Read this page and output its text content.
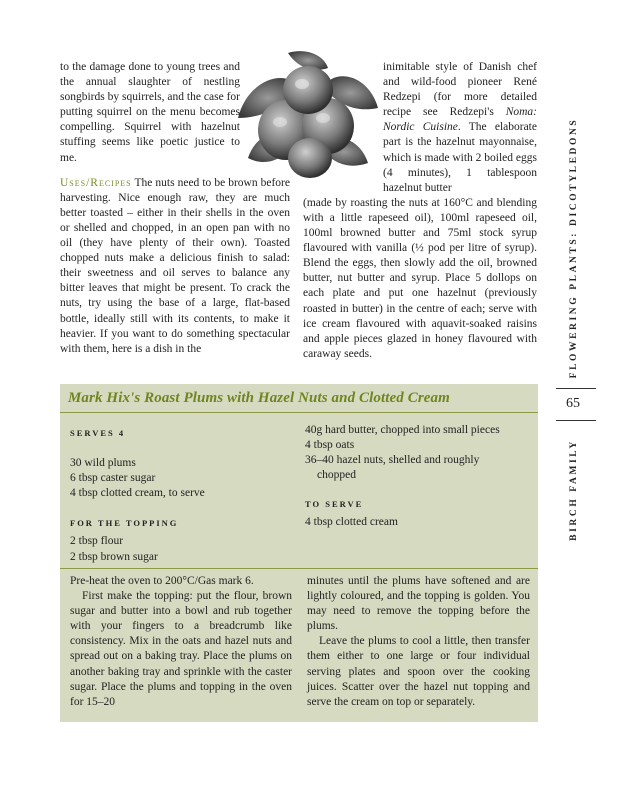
to the damage done to young trees and the annual slaughter of nestling songbirds by squirrels, and the case for putting squirrel on the menu becomes compelling. Squirrel with hazelnut stuffing seems like poetic justice to me.

Uses/Recipes The nuts need to be brown before harvesting. Nice enough raw, they are much better toasted – either in their shells in the oven or shelled and chopped, in an open pan with no oil (they have plenty of their own). Toasted chopped nuts make a delicious finish to salad: their sweetness and oil serves to balance any bitter leaves that might be present. To crack the nuts, try using the base of a large, flat-based bottle, ideally still with its contents, to make it heavier. If you want to do something spectacular with them, here is a dish in the

inimitable style of Danish chef and wild-food pioneer René Redzepi (for more detailed recipe see Redzepi's Noma: Nordic Cuisine. The elaborate part is the hazelnut mayonnaise, which is made with 2 boiled eggs (4 minutes), 1 tablespoon hazelnut butter

(made by roasting the nuts at 160°C and blending with a little rapeseed oil), 100ml rapeseed oil, 100ml browned butter and 75ml stock syrup flavoured with vanilla (½ pod per litre of syrup). Blend the eggs, then slowly add the oil, browned butter, nut butter and syrup. Place 5 dollops on each plate and put one hazelnut (previously roasted in butter) in the centre of each; serve with ice cream flavoured with aquavit-soaked raisins and apple pieces glazed in honey flavoured with caraway seeds.	FLOWERING PLANTS: DICOTYLEDONS
65
BIRCH FAMILY
Mark Hix's Roast Plums with Hazel Nuts and Clotted Cream

SERVES 4

30 wild plums

6 tbsp caster sugar

4 tbsp clotted cream, to serve

FOR THE TOPPING

2 tbsp flour

2 tbsp brown sugar

40g hard butter, chopped into small pieces

4 tbsp oats

36–40 hazel nuts, shelled and roughly

chopped

TO SERVE

4 tbsp clotted cream

Pre-heat the oven to 200°C/Gas mark 6.

First make the topping: put the flour, brown sugar and butter into a bowl and rub together with your fingers to a breadcrumb like consistency. Mix in the oats and hazel nuts and spread out on a baking tray. Place the plums on another baking tray and sprinkle with the caster sugar. Place the plums and topping in the oven for 15–20

minutes until the plums have softened and are lightly coloured, and the topping is golden. You may need to remove the topping before the plums.

Leave the plums to cool a little, then transfer them either to one large or four individual serving plates and spoon over the cooking juices. Scatter over the hazel nut topping and serve the cream on top or separately.
